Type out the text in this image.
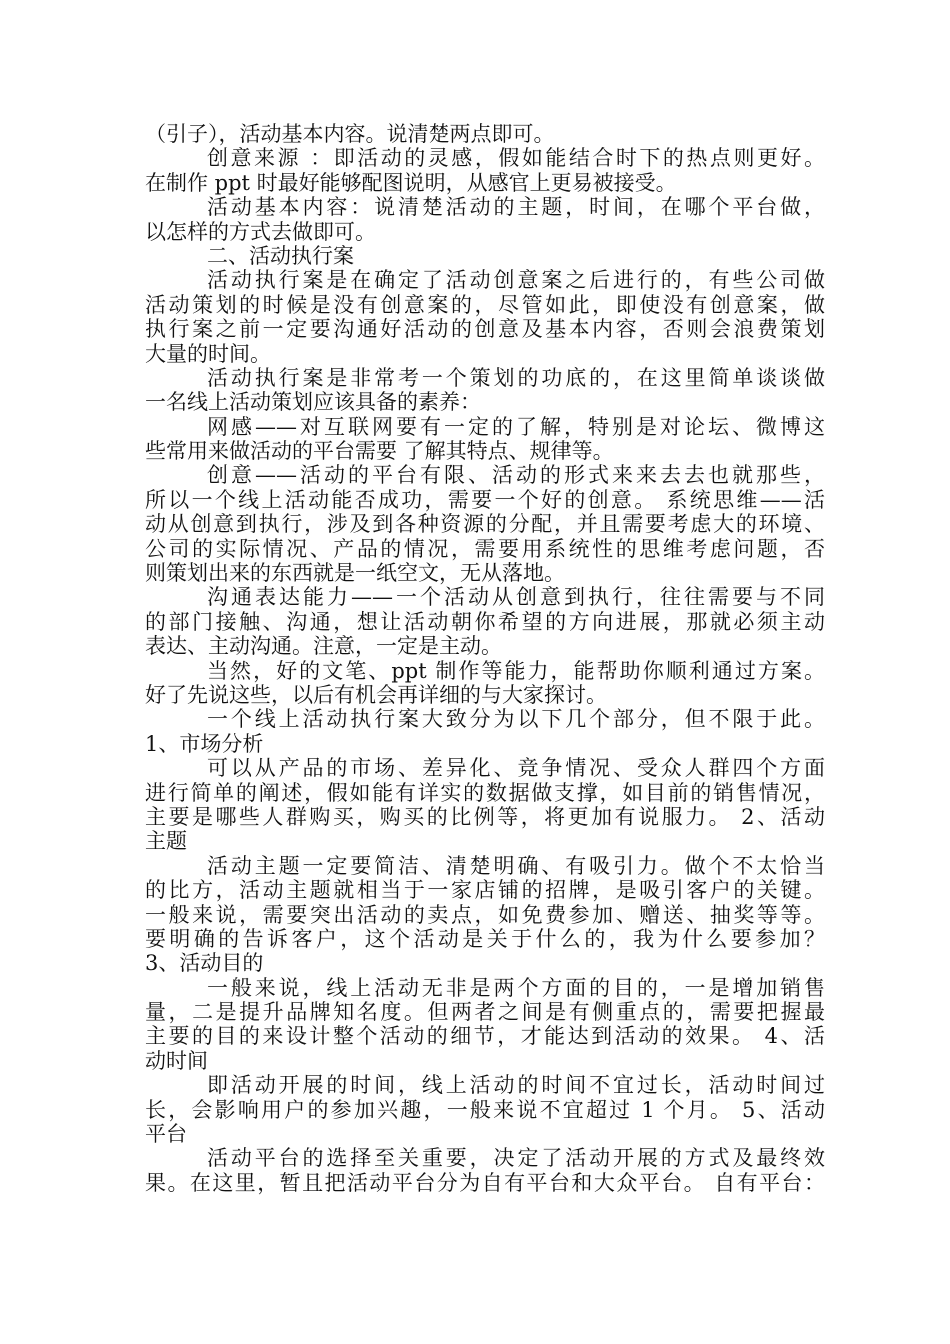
（引子），活动基本内容。说清楚两点即可。
创意来源 ：即活动的灵感，假如能结合时下的热点则更好。
在制作 ppt 时最好能够配图说明，从感官上更易被接受。
活动基本内容：说清楚活动的主题，时间，在哪个平台做，
以怎样的方式去做即可。
二、活动执行案
活动执行案是在确定了活动创意案之后进行的，有些公司做
活动策划的时候是没有创意案的，尽管如此，即使没有创意案，做
执行案之前一定要沟通好活动的创意及基本内容，否则会浪费策划
大量的时间。
活动执行案是非常考一个策划的功底的，在这里简单谈谈做
一名线上活动策划应该具备的素养：
网感——对互联网要有一定的了解，特别是对论坛、微博这
些常用来做活动的平台需要 了解其特点、规律等。
创意——活动的平台有限、活动的形式来来去去也就那些，
所以一个线上活动能否成功，需要一个好的创意。 系统思维——活
动从创意到执行，涉及到各种资源的分配，并且需要考虑大的环境、
公司的实际情况、产品的情况，需要用系统性的思维考虑问题，否
则策划出来的东西就是一纸空文，无从落地。
沟通表达能力——一个活动从创意到执行，往往需要与不同
的部门接触、沟通，想让活动朝你希望的方向进展，那就必须主动
表达、主动沟通。注意，一定是主动。
当然，好的文笔、ppt 制作等能力，能帮助你顺利通过方案。
好了先说这些，以后有机会再详细的与大家探讨。
一个线上活动执行案大致分为以下几个部分，但不限于此。
1、市场分析
可以从产品的市场、差异化、竞争情况、受众人群四个方面
进行简单的阐述，假如能有详实的数据做支撑，如目前的销售情况，
主要是哪些人群购买，购买的比例等，将更加有说服力。 2、活动
主题
活动主题一定要简洁、清楚明确、有吸引力。做个不太恰当
的比方，活动主题就相当于一家店铺的招牌，是吸引客户的关键。
一般来说，需要突出活动的卖点，如免费参加、赠送、抽奖等等。
要明确的告诉客户，这个活动是关于什么的，我为什么要参加？
3、活动目的
一般来说，线上活动无非是两个方面的目的，一是增加销售
量，二是提升品牌知名度。但两者之间是有侧重点的，需要把握最
主要的目的来设计整个活动的细节，才能达到活动的效果。 4、活
动时间
即活动开展的时间，线上活动的时间不宜过长，活动时间过
长，会影响用户的参加兴趣，一般来说不宜超过 1 个月。 5、活动
平台
活动平台的选择至关重要，决定了活动开展的方式及最终效
果。在这里，暂且把活动平台分为自有平台和大众平台。 自有平台：
